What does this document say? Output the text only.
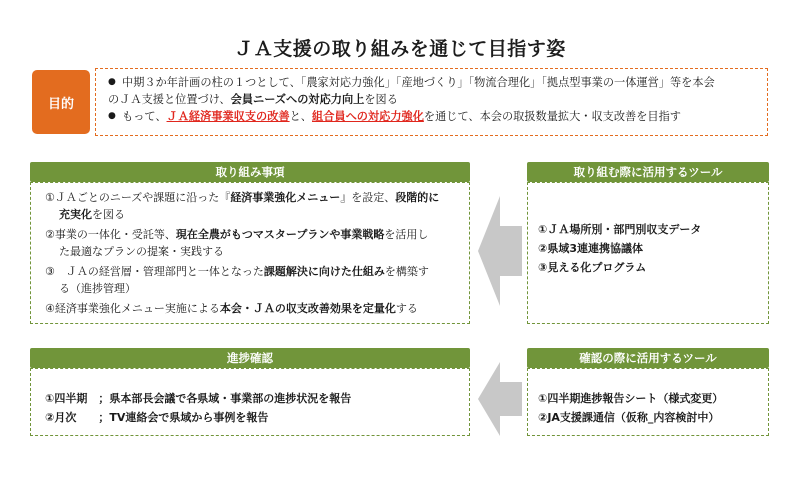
ＪＡ支援の取り組みを通じて目指す姿
目的
● 中期３か年計画の柱の１つとして、「農家対応力強化」「産地づくり」「物流合理化」「拠点型事業の一体運営」等を本会
のＪＡ支援と位置づけ、 会員ニーズへの対応力向上 を図る
● もって、ＪＡ経済事業収支の改善と、組合員への対応力強化を通じて、本会の取扱数量拡大・収支改善を目指す
取り組み事項
①ＪＡごとのニーズや課題に沿った『経済事業強化メニュー』を設定、段階的に
充実化を図る
②事業の一体化・受託等、現在全農がもつマスタープランや事業戦略を活用し
た最適なプランの提案・実践する
③　ＪＡの経営層・管理部門と一体となった課題解決に向けた仕組みを構築す
る（進捗管理）
④経済事業強化メニュー実施による本会・ＪＡの収支改善効果を定量化する
取り組む際に活用するツール
①ＪＡ場所別・部門別収支データ
②県域3連連携協議体
③見える化プログラム
進捗確認
①四半期　；県本部長会議で各県域・事業部の進捗状況を報告
②月次　　；TV連絡会で県域から事例を報告
確認の際に活用するツール
①四半期進捗報告シート（様式変更）
②JA支援課通信（仮称_内容検討中）
